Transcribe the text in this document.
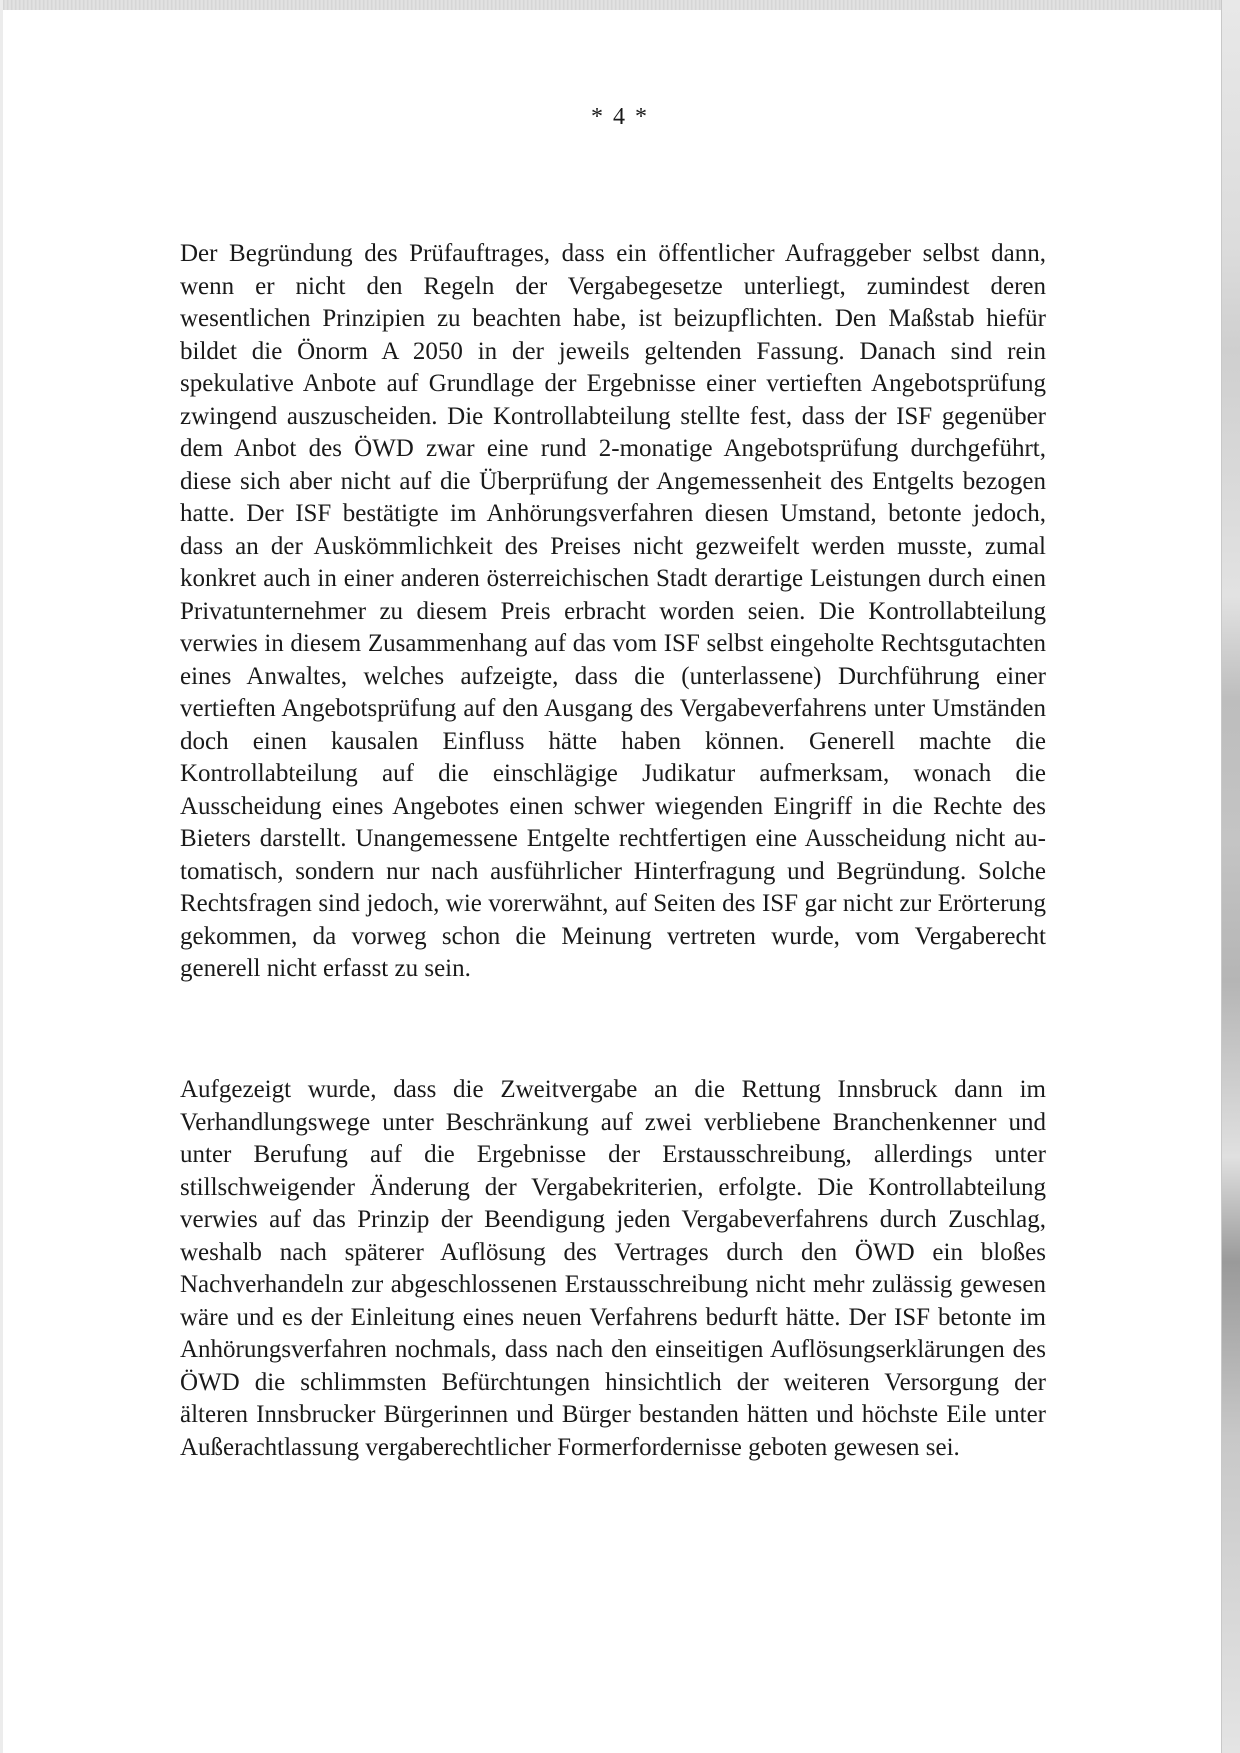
* 4 *
Der Begründung des Prüfauftrages, dass ein öffentlicher Aufraggeber selbst dann, wenn er nicht den Regeln der Vergabegesetze unterliegt, zumindest deren wesentlichen Prinzipien zu beachten habe, ist beizupflichten. Den Maßstab hiefür bildet die Önorm A 2050 in der jeweils geltenden Fassung. Danach sind rein spekulative Anbote auf Grundlage der Ergebnisse einer vertieften Angebotsprüfung zwingend auszuscheiden. Die Kontrollabteilung stellte fest, dass der ISF gegenüber dem Anbot des ÖWD zwar eine rund 2-monatige Angebotsprüfung durchgeführt, diese sich aber nicht auf die Überprüfung der Angemessenheit des Entgelts bezogen hatte. Der ISF bestätigte im Anhörungsverfahren diesen Umstand, betonte jedoch, dass an der Auskömmlichkeit des Preises nicht gezweifelt werden musste, zumal konkret auch in einer anderen österreichischen Stadt derartige Leistungen durch einen Privatunternehmer zu diesem Preis erbracht worden seien. Die Kontrollabteilung verwies in diesem Zusammenhang auf das vom ISF selbst eingeholte Rechtsgutachten eines Anwaltes, welches aufzeigte, dass die (unterlassene) Durchführung einer vertieften Angebotsprüfung auf den Ausgang des Vergabeverfahrens unter Umständen doch einen kausalen Einfluss hätte haben können. Generell machte die Kontrollabteilung auf die einschlägige Judikatur aufmerksam, wonach die Ausscheidung eines Angebotes einen schwer wiegenden Eingriff in die Rechte des Bieters darstellt. Unangemessene Entgelte rechtfertigen eine Ausscheidung nicht automatisch, sondern nur nach ausführlicher Hinterfragung und Begründung. Solche Rechtsfragen sind jedoch, wie vorerwähnt, auf Seiten des ISF gar nicht zur Erörterung gekommen, da vorweg schon die Meinung vertreten wurde, vom Vergaberecht generell nicht erfasst zu sein.
Aufgezeigt wurde, dass die Zweitvergabe an die Rettung Innsbruck dann im Verhandlungswege unter Beschränkung auf zwei verbliebene Branchenkenner und unter Berufung auf die Ergebnisse der Erstausschreibung, allerdings unter stillschweigender Änderung der Vergabekriterien, erfolgte. Die Kontrollabteilung verwies auf das Prinzip der Beendigung jeden Vergabeverfahrens durch Zuschlag, weshalb nach späterer Auflösung des Vertrages durch den ÖWD ein bloßes Nachverhandeln zur abgeschlossenen Erstausschreibung nicht mehr zulässig gewesen wäre und es der Einleitung eines neuen Verfahrens bedurft hätte. Der ISF betonte im Anhörungsverfahren nochmals, dass nach den einseitigen Auflösungserklärungen des ÖWD die schlimmsten Befürchtungen hinsichtlich der weiteren Versorgung der älteren Innsbrucker Bürgerinnen und Bürger bestanden hätten und höchste Eile unter Außerachtlassung vergaberechtlicher Formerfordernisse geboten gewesen sei.
